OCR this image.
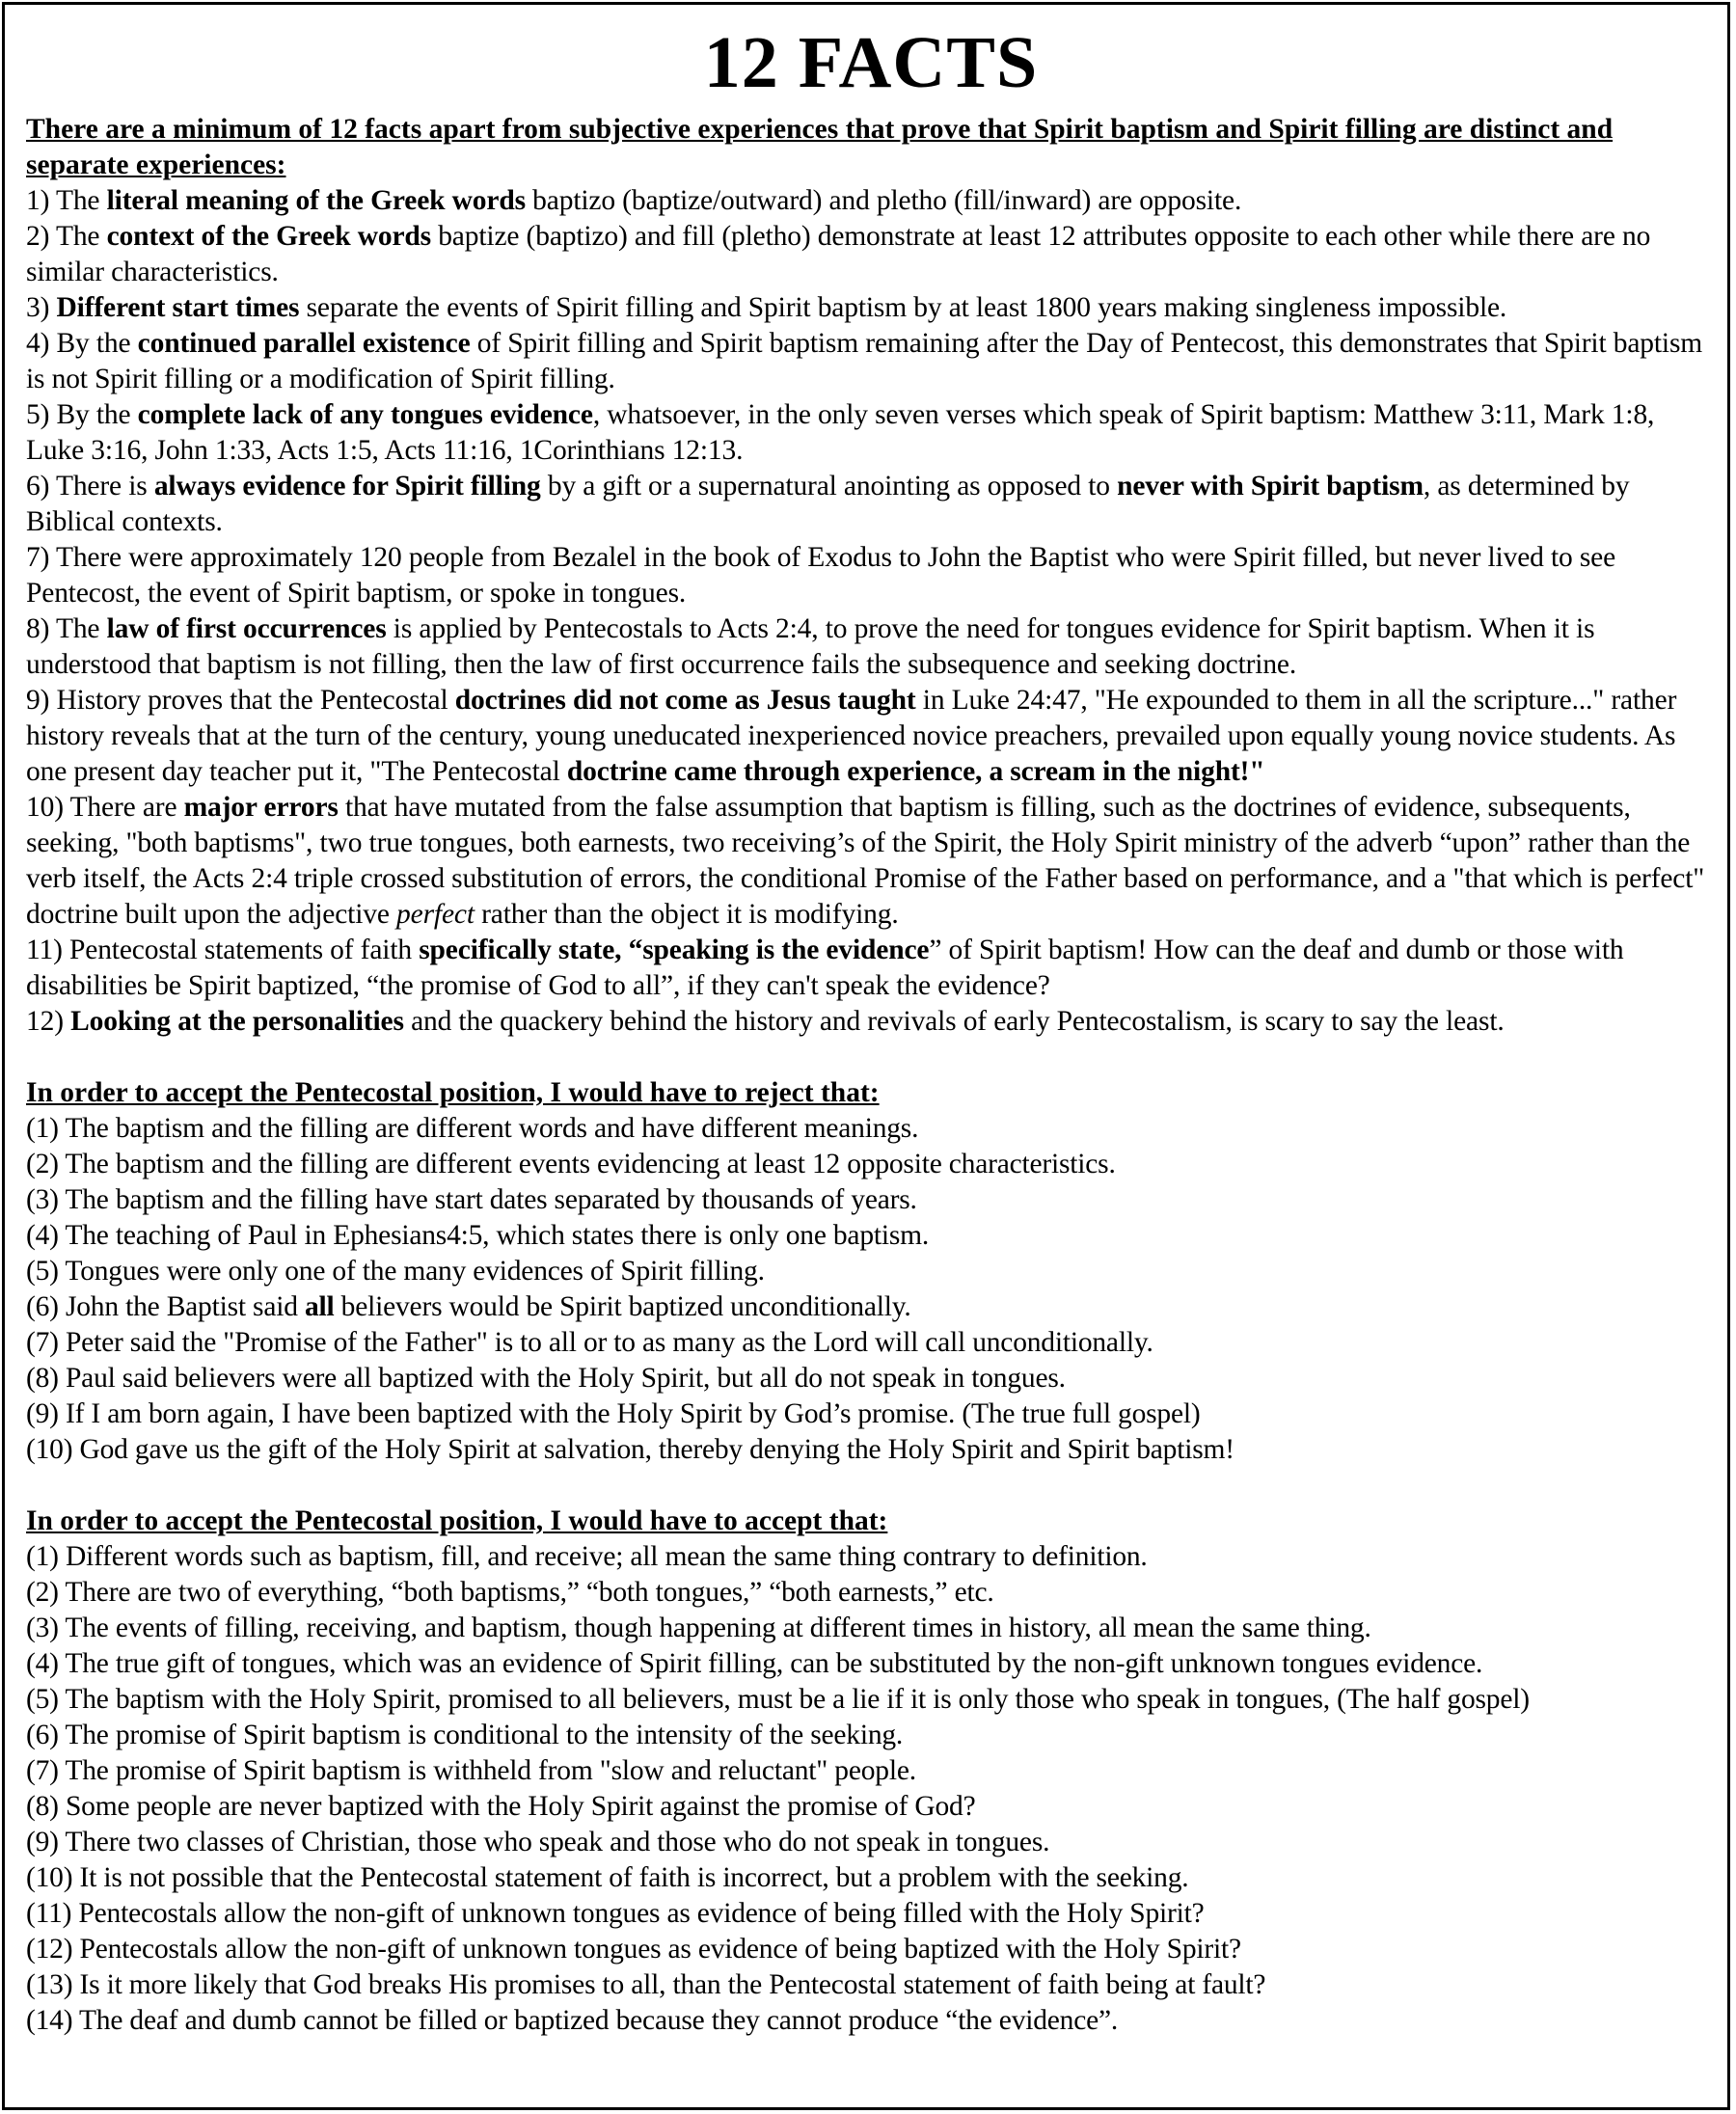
12 FACTS

There are a minimum of 12 facts apart from subjective experiences that prove that Spirit baptism and Spirit filling are distinct and separate experiences:

1) The literal meaning of the Greek words baptizo (baptize/outward) and pletho (fill/inward) are opposite.
2) The context of the Greek words baptize (baptizo) and fill (pletho) demonstrate at least 12 attributes opposite to each other while there are no similar characteristics.
3) Different start times separate the events of Spirit filling and Spirit baptism by at least 1800 years making singleness impossible.
4) By the continued parallel existence of Spirit filling and Spirit baptism remaining after the Day of Pentecost, this demonstrates that Spirit baptism is not Spirit filling or a modification of Spirit filling.
5) By the complete lack of any tongues evidence, whatsoever, in the only seven verses which speak of Spirit baptism: Matthew 3:11, Mark 1:8, Luke 3:16, John 1:33, Acts 1:5, Acts 11:16, 1Corinthians 12:13.
6) There is always evidence for Spirit filling by a gift or a supernatural anointing as opposed to never with Spirit baptism, as determined by Biblical contexts.
7) There were approximately 120 people from Bezalel in the book of Exodus to John the Baptist who were Spirit filled, but never lived to see Pentecost, the event of Spirit baptism, or spoke in tongues.
8) The law of first occurrences is applied by Pentecostals to Acts 2:4, to prove the need for tongues evidence for Spirit baptism. When it is understood that baptism is not filling, then the law of first occurrence fails the subsequence and seeking doctrine.
9) History proves that the Pentecostal doctrines did not come as Jesus taught in Luke 24:47, "He expounded to them in all the scripture..." rather history reveals that at the turn of the century, young uneducated inexperienced novice preachers, prevailed upon equally young novice students. As one present day teacher put it, "The Pentecostal doctrine came through experience, a scream in the night!"
10) There are major errors that have mutated from the false assumption that baptism is filling, such as the doctrines of evidence, subsequents, seeking, "both baptisms", two true tongues, both earnests, two receiving’s of the Spirit, the Holy Spirit ministry of the adverb “upon” rather than the verb itself, the Acts 2:4 triple crossed substitution of errors, the conditional Promise of the Father based on performance, and a "that which is perfect" doctrine built upon the adjective perfect rather than the object it is modifying.
11) Pentecostal statements of faith specifically state, “speaking is the evidence” of Spirit baptism! How can the deaf and dumb or those with disabilities be Spirit baptized, “the promise of God to all”, if they can't speak the evidence?
12) Looking at the personalities and the quackery behind the history and revivals of early Pentecostalism, is scary to say the least.

In order to accept the Pentecostal position, I would have to reject that:

(1) The baptism and the filling are different words and have different meanings.
(2) The baptism and the filling are different events evidencing at least 12 opposite characteristics.
(3) The baptism and the filling have start dates separated by thousands of years.
(4) The teaching of Paul in Ephesians4:5, which states there is only one baptism.
(5) Tongues were only one of the many evidences of Spirit filling.
(6) John the Baptist said all believers would be Spirit baptized unconditionally.
(7) Peter said the "Promise of the Father" is to all or to as many as the Lord will call unconditionally.
(8) Paul said believers were all baptized with the Holy Spirit, but all do not speak in tongues.
(9) If I am born again, I have been baptized with the Holy Spirit by God’s promise. (The true full gospel)
(10) God gave us the gift of the Holy Spirit at salvation, thereby denying the Holy Spirit and Spirit baptism!

In order to accept the Pentecostal position, I would have to accept that:

(1) Different words such as baptism, fill, and receive; all mean the same thing contrary to definition.
(2) There are two of everything, “both baptisms,” “both tongues,” “both earnests,” etc.
(3) The events of filling, receiving, and baptism, though happening at different times in history, all mean the same thing.
(4) The true gift of tongues, which was an evidence of Spirit filling, can be substituted by the non-gift unknown tongues evidence.
(5) The baptism with the Holy Spirit, promised to all believers, must be a lie if it is only those who speak in tongues, (The half gospel)
(6) The promise of Spirit baptism is conditional to the intensity of the seeking.
(7) The promise of Spirit baptism is withheld from "slow and reluctant" people.
(8) Some people are never baptized with the Holy Spirit against the promise of God?
(9) There two classes of Christian, those who speak and those who do not speak in tongues.
(10) It is not possible that the Pentecostal statement of faith is incorrect, but a problem with the seeking.
(11) Pentecostals allow the non-gift of unknown tongues as evidence of being filled with the Holy Spirit?
(12) Pentecostals allow the non-gift of unknown tongues as evidence of being baptized with the Holy Spirit?
(13) Is it more likely that God breaks His promises to all, than the Pentecostal statement of faith being at fault?
(14) The deaf and dumb cannot be filled or baptized because they cannot produce “the evidence”.
